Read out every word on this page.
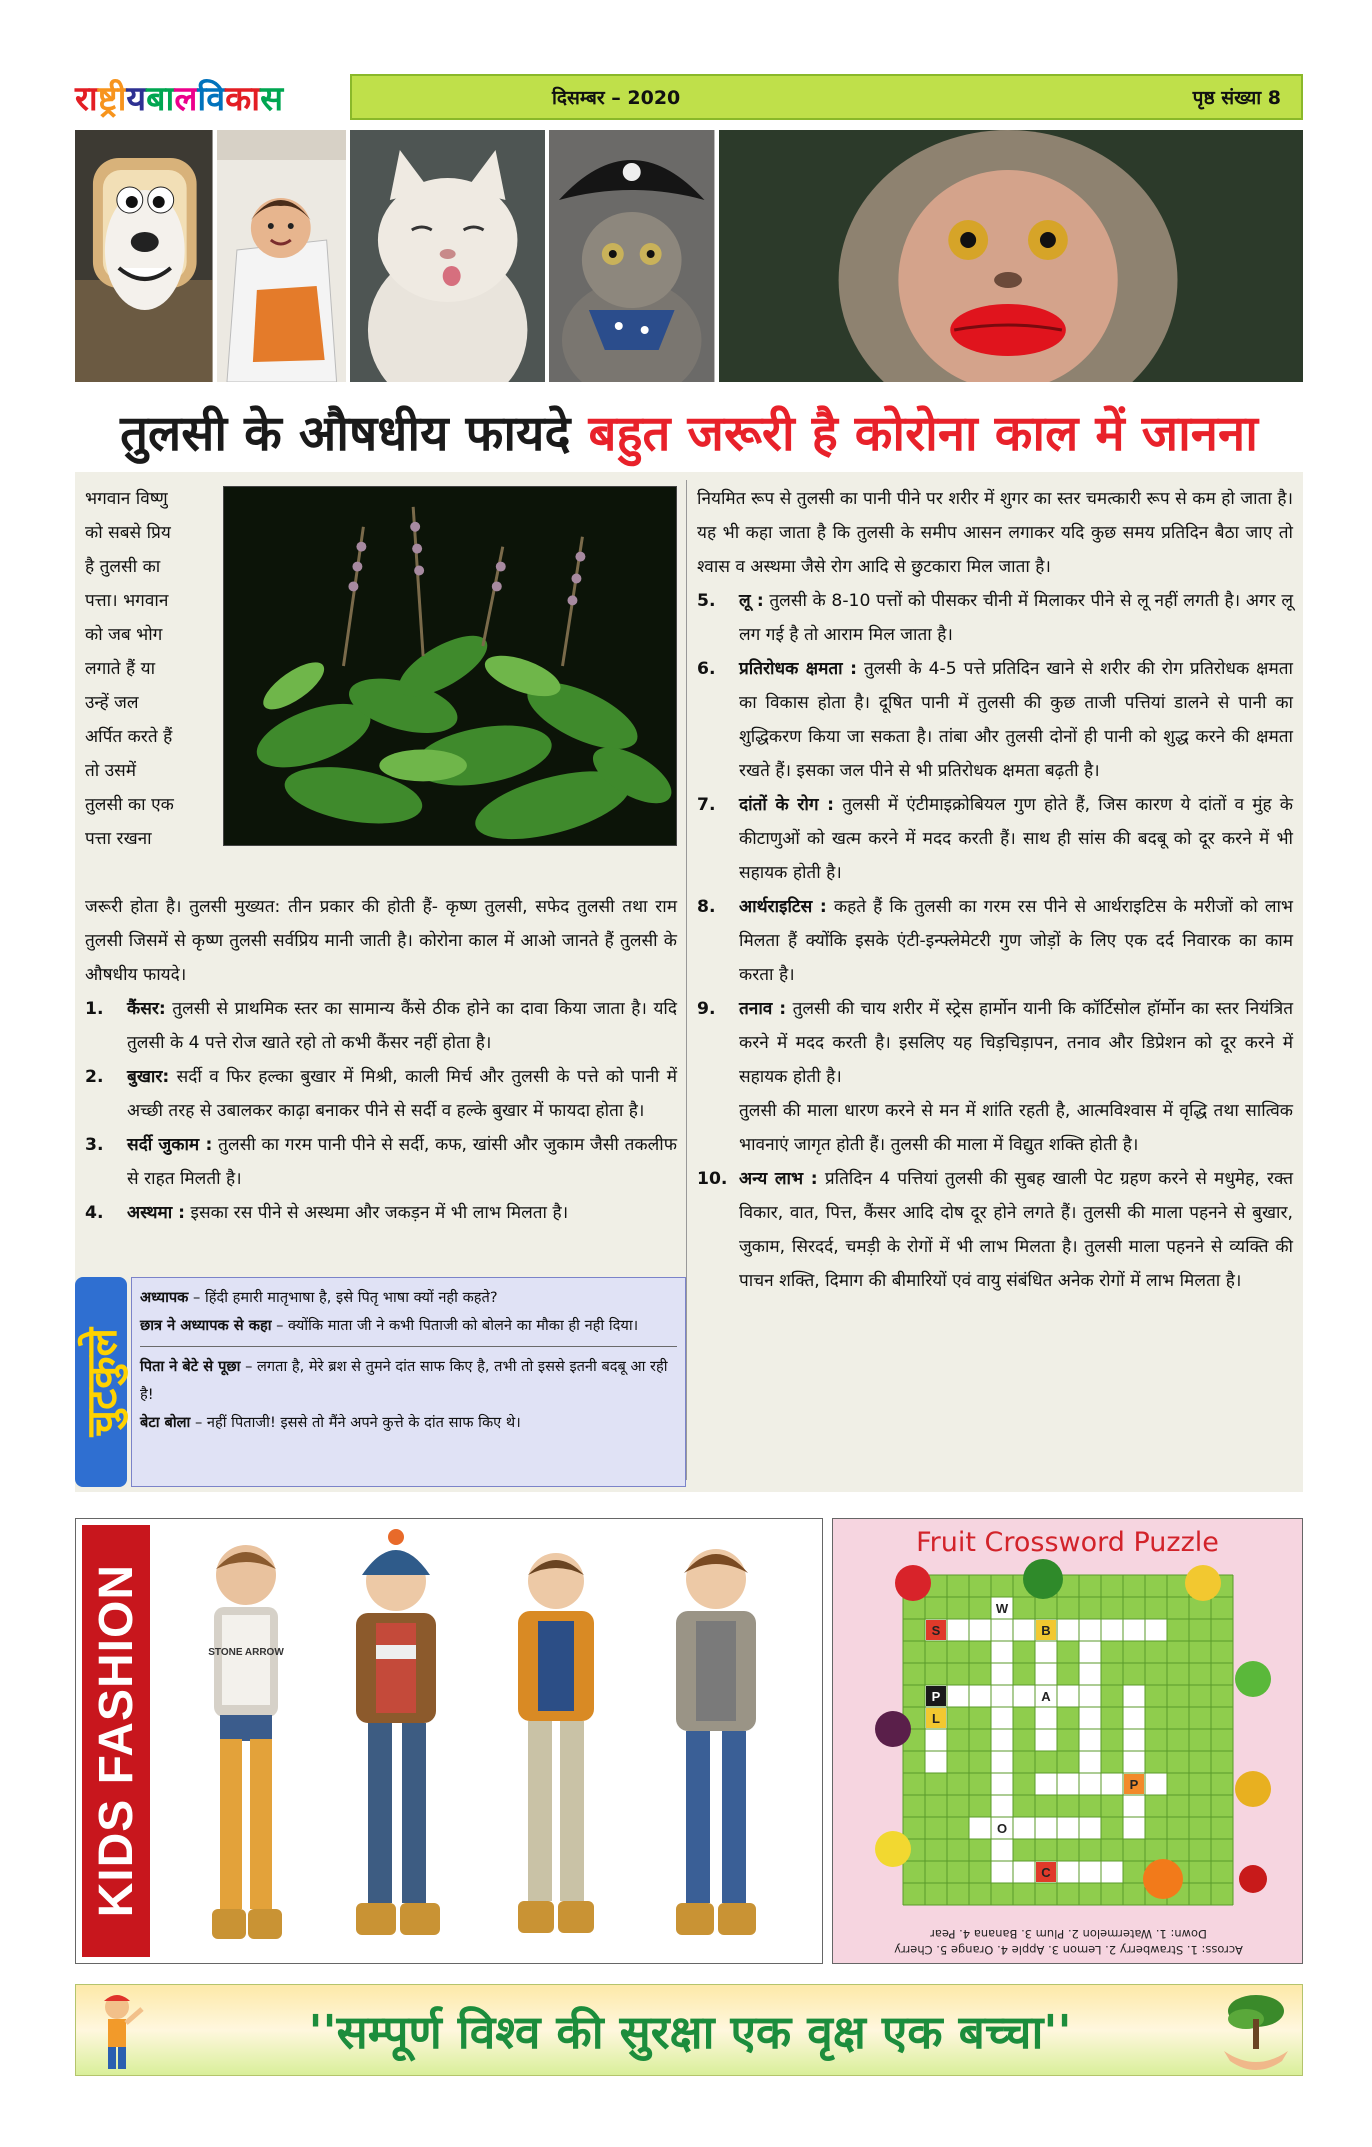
रा ष्ट्री य बा ल वि का स	दिसम्बर – 2020	पृष्ठ संख्या 8
तुलसी के औषधीय फायदे बहुत जरूरी है कोरोना काल में जानना

भगवान विष्णु

को सबसे प्रिय

है तुलसी का

पत्ता। भगवान

को जब भोग

लगाते हैं या

उन्हें जल

अर्पित करते हैं

तो उसमें

तुलसी का एक

पत्ता रखना

जरूरी होता है। तुलसी मुख्यत: तीन प्रकार की होती हैं- कृष्ण तुलसी, सफेद तुलसी तथा राम तुलसी जिसमें से कृष्ण तुलसी सर्वप्रिय मानी जाती है। कोरोना काल में आओ जानते हैं तुलसी के औषधीय फायदे।

1.	कैंसर: तुलसी से प्राथमिक स्तर का सामान्य कैंसे ठीक होने का दावा किया जाता है। यदि तुलसी के 4 पत्ते रोज खाते रहो तो कभी कैंसर नहीं होता है।
2.	बुखार: सर्दी व फिर हल्का बुखार में मिश्री, काली मिर्च और तुलसी के पत्ते को पानी में अच्छी तरह से उबालकर काढ़ा बनाकर पीने से सर्दी व हल्के बुखार में फायदा होता है।
3.	सर्दी जुकाम : तुलसी का गरम पानी पीने से सर्दी, कफ, खांसी और जुकाम जैसी तकलीफ से राहत मिलती है।
4.	अस्थमा : इसका रस पीने से अस्थमा और जकड़न में भी लाभ मिलता है।

नियमित रूप से तुलसी का पानी पीने पर शरीर में शुगर का स्तर चमत्कारी रूप से कम हो जाता है। यह भी कहा जाता है कि तुलसी के समीप आसन लगाकर यदि कुछ समय प्रतिदिन बैठा जाए तो श्वास व अस्थमा जैसे रोग आदि से छुटकारा मिल जाता है।

5.	लू : तुलसी के 8-10 पत्तों को पीसकर चीनी में मिलाकर पीने से लू नहीं लगती है। अगर लू लग गई है तो आराम मिल जाता है।
6.	प्रतिरोधक क्षमता : तुलसी के 4-5 पत्ते प्रतिदिन खाने से शरीर की रोग प्रतिरोधक क्षमता का विकास होता है। दूषित पानी में तुलसी की कुछ ताजी पत्तियां डालने से पानी का शुद्धिकरण किया जा सकता है। तांबा और तुलसी दोनों ही पानी को शुद्ध करने की क्षमता रखते हैं। इसका जल पीने से भी प्रतिरोधक क्षमता बढ़ती है।
7.	दांतों के रोग : तुलसी में एंटीमाइक्रोबियल गुण होते हैं, जिस कारण ये दांतों व मुंह के कीटाणुओं को खत्म करने में मदद करती हैं। साथ ही सांस की बदबू को दूर करने में भी सहायक होती है।
8.	आर्थराइटिस : कहते हैं कि तुलसी का गरम रस पीने से आर्थराइटिस के मरीजों को लाभ मिलता हैं क्योंकि इसके एंटी-इन्फ्लेमेटरी गुण जोड़ों के लिए एक दर्द निवारक का काम करता है।
9.	तनाव : तुलसी की चाय शरीर में स्ट्रेस हार्मोन यानी कि कॉर्टिसोल हॉर्मोन का स्तर नियंत्रित करने में मदद करती है। इसलिए यह चिड़चिड़ापन, तनाव और डिप्रेशन को दूर करने में सहायक होती है।

तुलसी की माला धारण करने से मन में शांति रहती है, आत्मविश्वास में वृद्धि तथा सात्विक भावनाएं जागृत होती हैं। तुलसी की माला में विद्युत शक्ति होती है।

10. अन्य लाभ : प्रतिदिन 4 पत्तियां तुलसी की सुबह खाली पेट ग्रहण करने से मधुमेह, रक्त विकार, वात, पित्त, कैंसर आदि दोष दूर होने लगते हैं। तुलसी की माला पहनने से बुखार, जुकाम, सिरदर्द, चमड़ी के रोगों में भी लाभ मिलता है। तुलसी माला पहनने से व्यक्ति की पाचन शक्ति, दिमाग की बीमारियों एवं वायु संबंधित अनेक रोगों में लाभ मिलता है।
चुटकुले

अध्यापक – हिंदी हमारी मातृभाषा है, इसे पितृ भाषा क्यों नही कहते?

छात्र ने अध्यापक से कहा – क्योंकि माता जी ने कभी पिताजी को बोलने का मौका ही नही दिया।

पिता ने बेटे से पूछा – लगता है, मेरे ब्रश से तुमने दांत साफ किए है, तभी तो इससे इतनी बदबू आ रही है!

बेटा बोला – नहीं पिताजी! इससे तो मैंने अपने कुत्ते के दांत साफ किए थे।

KIDS FASHION	STONE ARROW
W
S	B
P	A
L
P
O
C
Fruit Crossword Puzzle
Down: 1. Watermelon 2. Plum 3. Banana 4. Pear
Across: 1. Strawberry 2. Lemon 3. Apple 4. Orange 5. Cherry
''सम्पूर्ण विश्व की सुरक्षा एक वृक्ष एक बच्चा''
